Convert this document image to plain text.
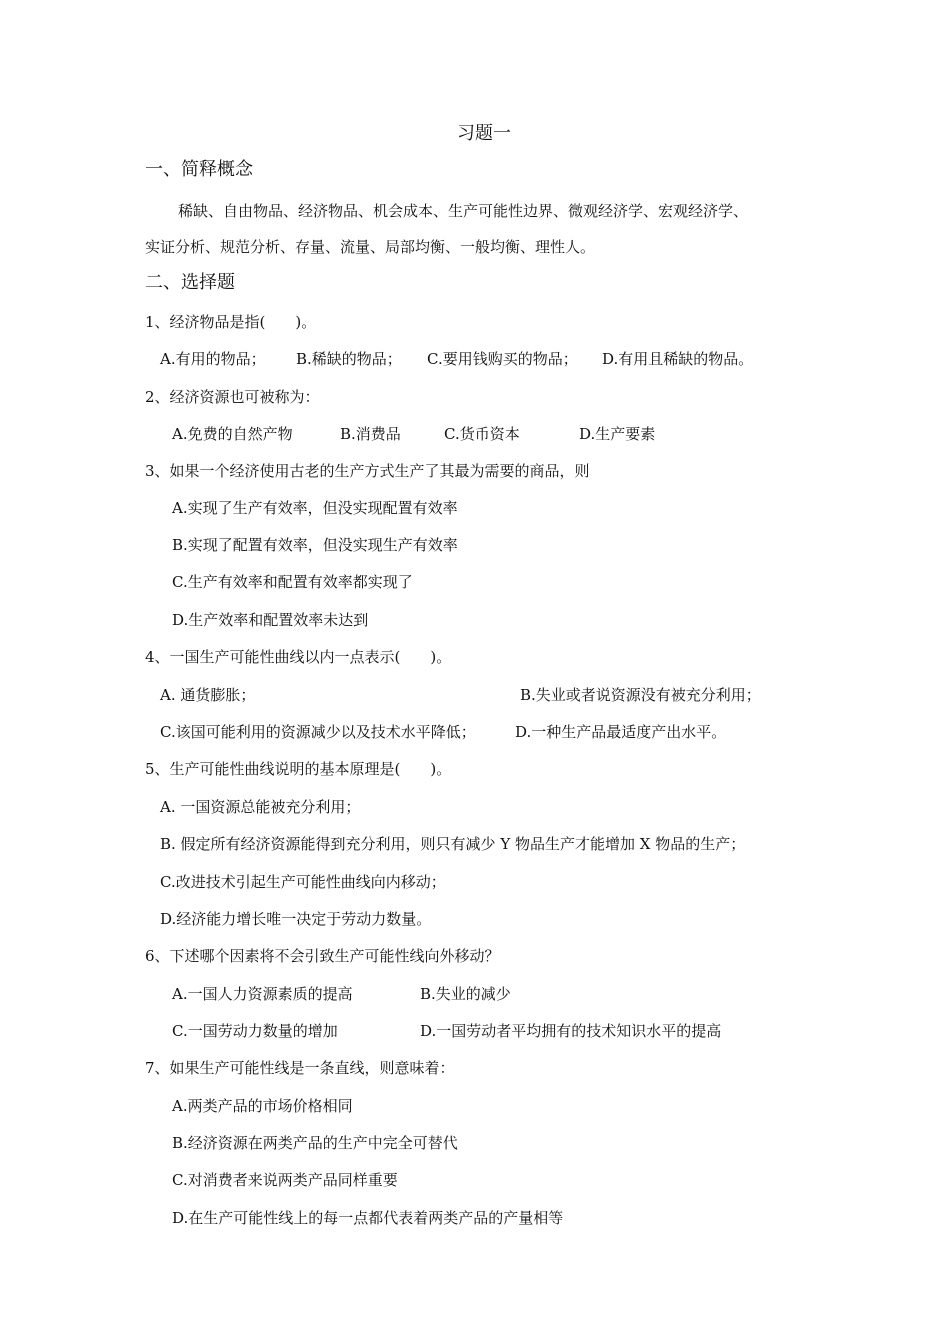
习题一
一、简释概念
稀缺、自由物品、经济物品、机会成本、生产可能性边界、微观经济学、宏观经济学、
实证分析、规范分析、存量、流量、局部均衡、一般均衡、理性人。
二、选择题
1、经济物品是指(　　)。
A.有用的物品； B.稀缺的物品； C.要用钱购买的物品； D.有用且稀缺的物品。
2、经济资源也可被称为：
A.免费的自然产物	B.消费品	C.货币资本	D.生产要素
3、如果一个经济使用古老的生产方式生产了其最为需要的商品，则
A.实现了生产有效率，但没实现配置有效率
B.实现了配置有效率，但没实现生产有效率
C.生产有效率和配置有效率都实现了
D.生产效率和配置效率未达到
4、一国生产可能性曲线以内一点表示(　　)。
A. 通货膨胀；	B.失业或者说资源没有被充分利用；
C.该国可能利用的资源减少以及技术水平降低；	D.一种生产品最适度产出水平。
5、生产可能性曲线说明的基本原理是(　　)。
A. 一国资源总能被充分利用；
B. 假定所有经济资源能得到充分利用，则只有减少 Y 物品生产才能增加 X 物品的生产；
C.改进技术引起生产可能性曲线向内移动；
D.经济能力增长唯一决定于劳动力数量。
6、下述哪个因素将不会引致生产可能性线向外移动？
A.一国人力资源素质的提高	B.失业的减少
C.一国劳动力数量的增加	D.一国劳动者平均拥有的技术知识水平的提高
7、如果生产可能性线是一条直线，则意味着：
A.两类产品的市场价格相同
B.经济资源在两类产品的生产中完全可替代
C.对消费者来说两类产品同样重要
D.在生产可能性线上的每一点都代表着两类产品的产量相等
